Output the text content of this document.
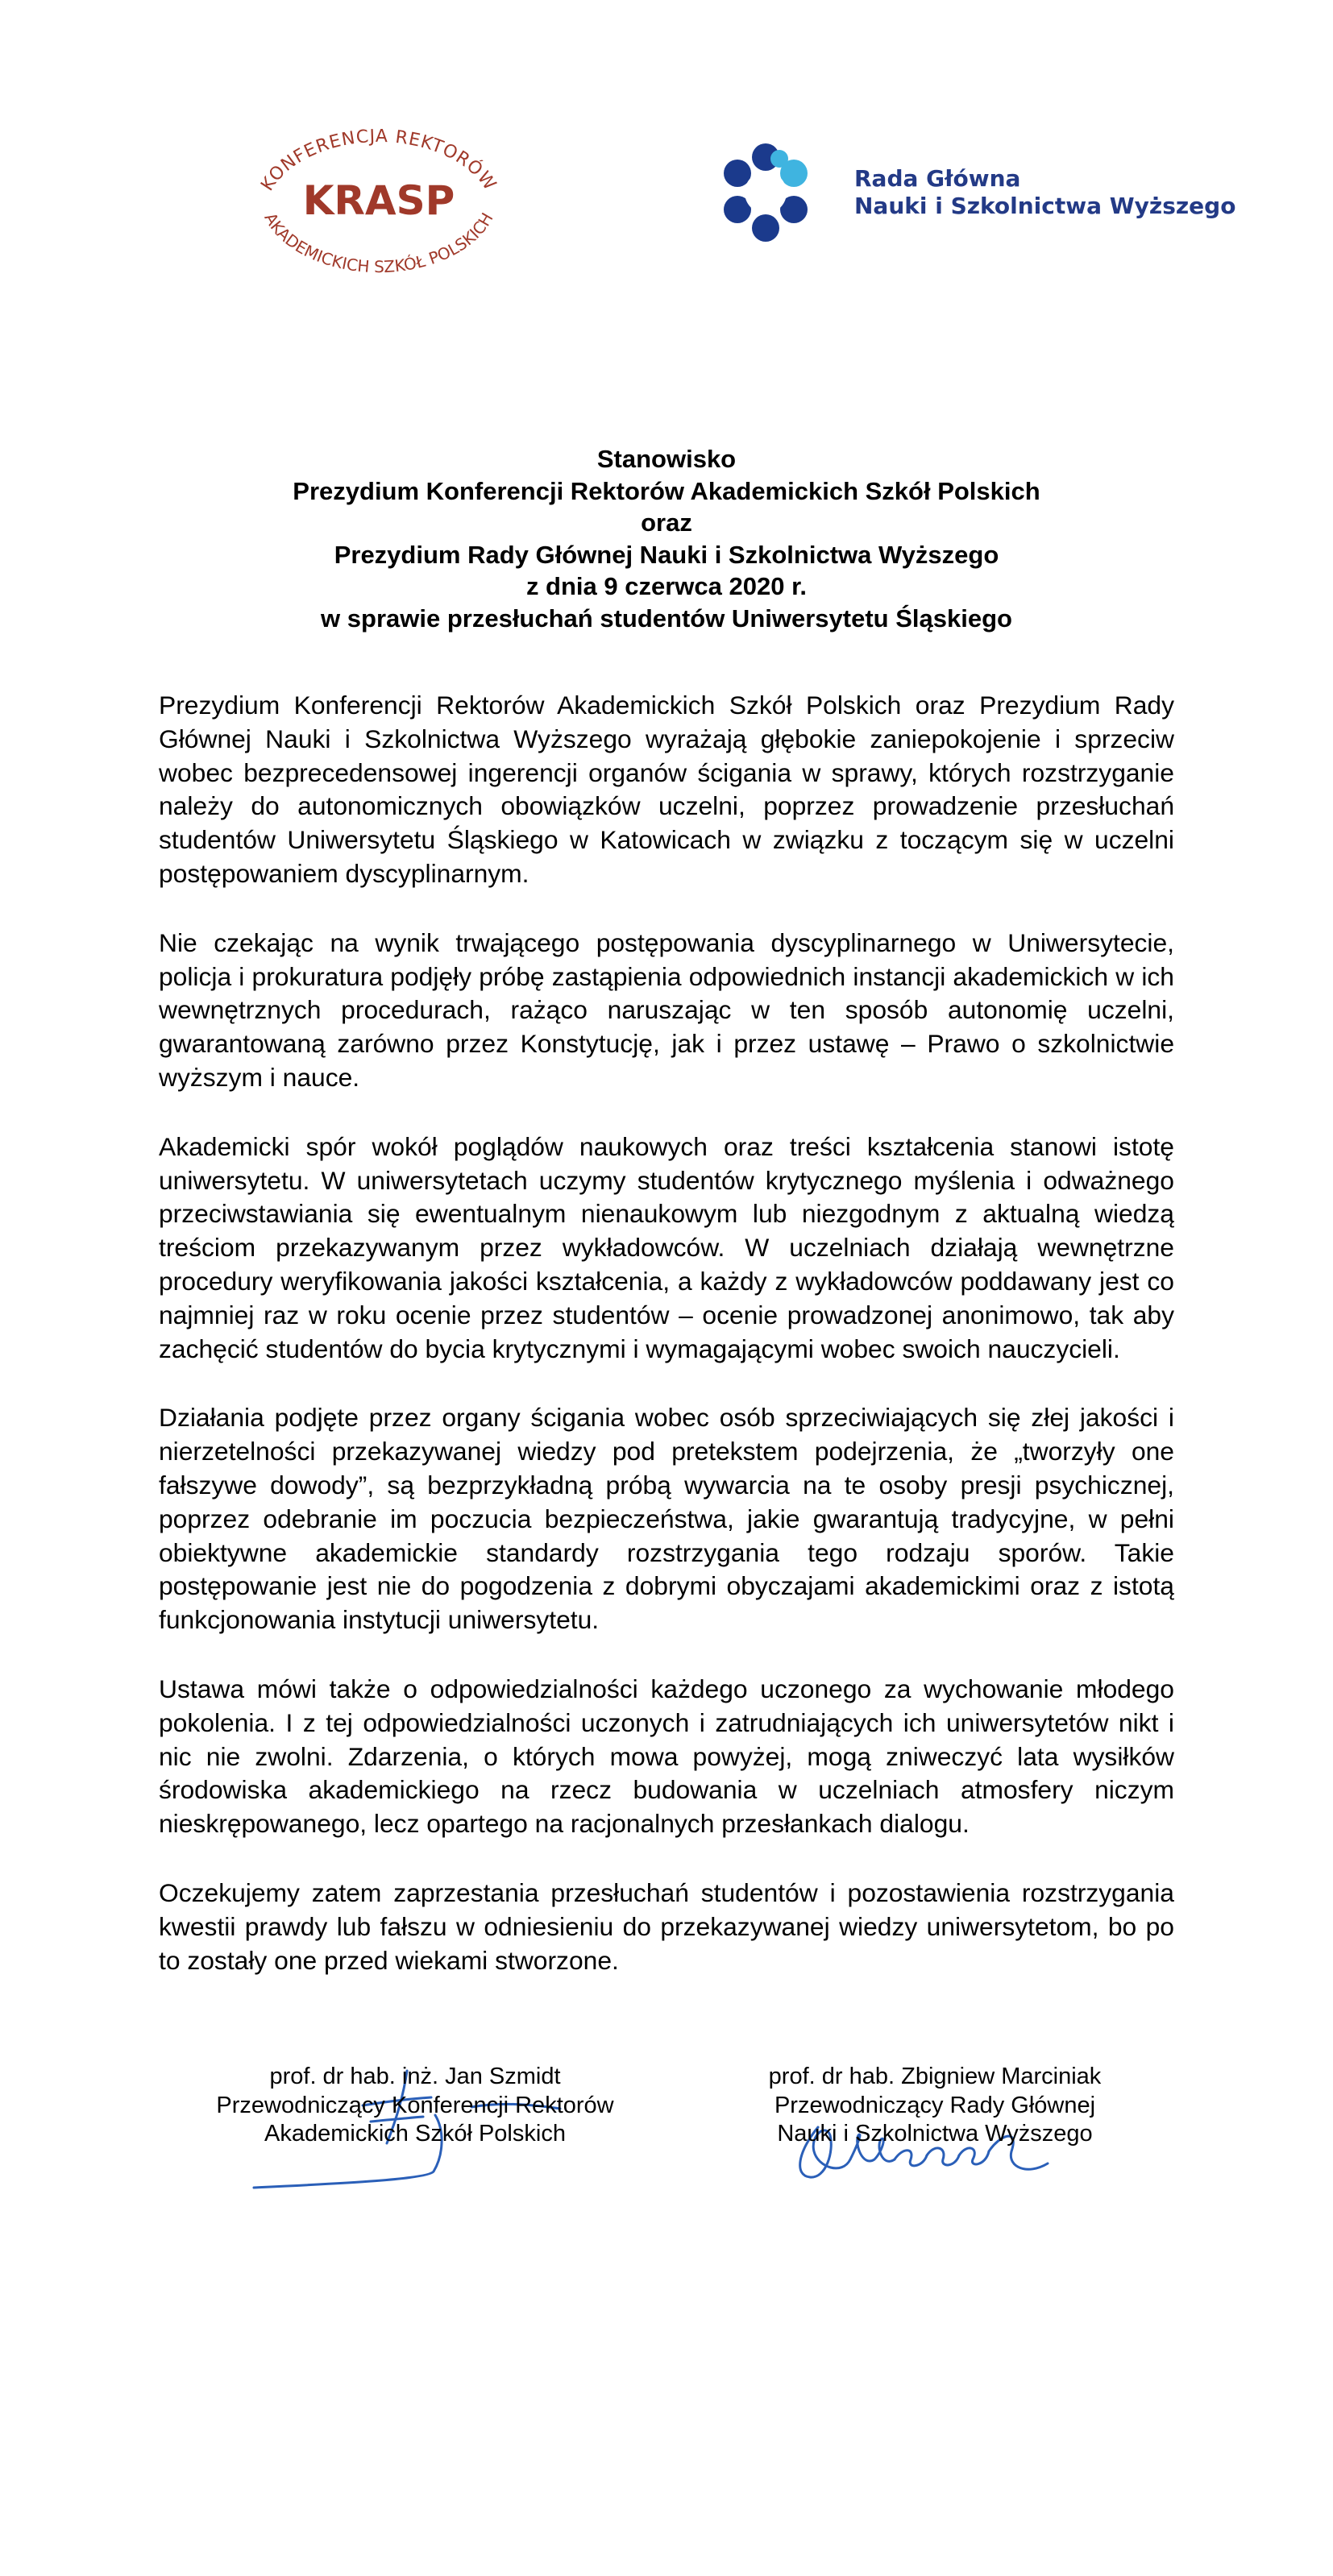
KONFERENCJA REKTORÓW
KRASP
AKADEMICKICH SZKÓŁ POLSKICH
Rada Główna
Nauki i Szkolnictwa Wyższego
Stanowisko
Prezydium Konferencji Rektorów Akademickich Szkół Polskich
oraz
Prezydium Rady Głównej Nauki i Szkolnictwa Wyższego
z dnia 9 czerwca 2020 r.
w sprawie przesłuchań studentów Uniwersytetu Śląskiego

Prezydium Konferencji Rektorów Akademickich Szkół Polskich oraz Prezydium Rady Głównej Nauki i Szkolnictwa Wyższego wyrażają głębokie zaniepokojenie i sprzeciw wobec bezprecedensowej ingerencji organów ścigania w sprawy, których rozstrzyganie należy do autonomicznych obowiązków uczelni, poprzez prowadzenie przesłuchań studentów Uniwersytetu Śląskiego w Katowicach w związku z toczącym się w uczelni postępowaniem dyscyplinarnym.

Nie czekając na wynik trwającego postępowania dyscyplinarnego w Uniwersytecie, policja i prokuratura podjęły próbę zastąpienia odpowiednich instancji akademickich w ich wewnętrznych procedurach, rażąco naruszając w ten sposób autonomię uczelni, gwarantowaną zarówno przez Konstytucję, jak i przez ustawę – Prawo o szkolnictwie wyższym i nauce.

Akademicki spór wokół poglądów naukowych oraz treści kształcenia stanowi istotę uniwersytetu. W uniwersytetach uczymy studentów krytycznego myślenia i odważnego przeciwstawiania się ewentualnym nienaukowym lub niezgodnym z aktualną wiedzą treściom przekazywanym przez wykładowców. W uczelniach działają wewnętrzne procedury weryfikowania jakości kształcenia, a każdy z wykładowców poddawany jest co najmniej raz w roku ocenie przez studentów – ocenie prowadzonej anonimowo, tak aby zachęcić studentów do bycia krytycznymi i wymagającymi wobec swoich nauczycieli.

Działania podjęte przez organy ścigania wobec osób sprzeciwiających się złej jakości i nierzetelności przekazywanej wiedzy pod pretekstem podejrzenia, że „tworzyły one fałszywe dowody”, są bezprzykładną próbą wywarcia na te osoby presji psychicznej, poprzez odebranie im poczucia bezpieczeństwa, jakie gwarantują tradycyjne, w pełni obiektywne akademickie standardy rozstrzygania tego rodzaju sporów. Takie postępowanie jest nie do pogodzenia z dobrymi obyczajami akademickimi oraz z istotą funkcjonowania instytucji uniwersytetu.

Ustawa mówi także o odpowiedzialności każdego uczonego za wychowanie młodego pokolenia. I z tej odpowiedzialności uczonych i zatrudniających ich uniwersytetów nikt i nic nie zwolni. Zdarzenia, o których mowa powyżej, mogą zniweczyć lata wysiłków środowiska akademickiego na rzecz budowania w uczelniach atmosfery niczym nieskrępowanego, lecz opartego na racjonalnych przesłankach dialogu.

Oczekujemy zatem zaprzestania przesłuchań studentów i pozostawienia rozstrzygania kwestii prawdy lub fałszu w odniesieniu do przekazywanej wiedzy uniwersytetom, bo po to zostały one przed wiekami stworzone.

prof. dr hab. inż. Jan Szmidt
Przewodniczący Konferencji Rektorów
Akademickich Szkół Polskich
prof. dr hab. Zbigniew Marciniak
Przewodniczący Rady Głównej
Nauki i Szkolnictwa Wyższego
